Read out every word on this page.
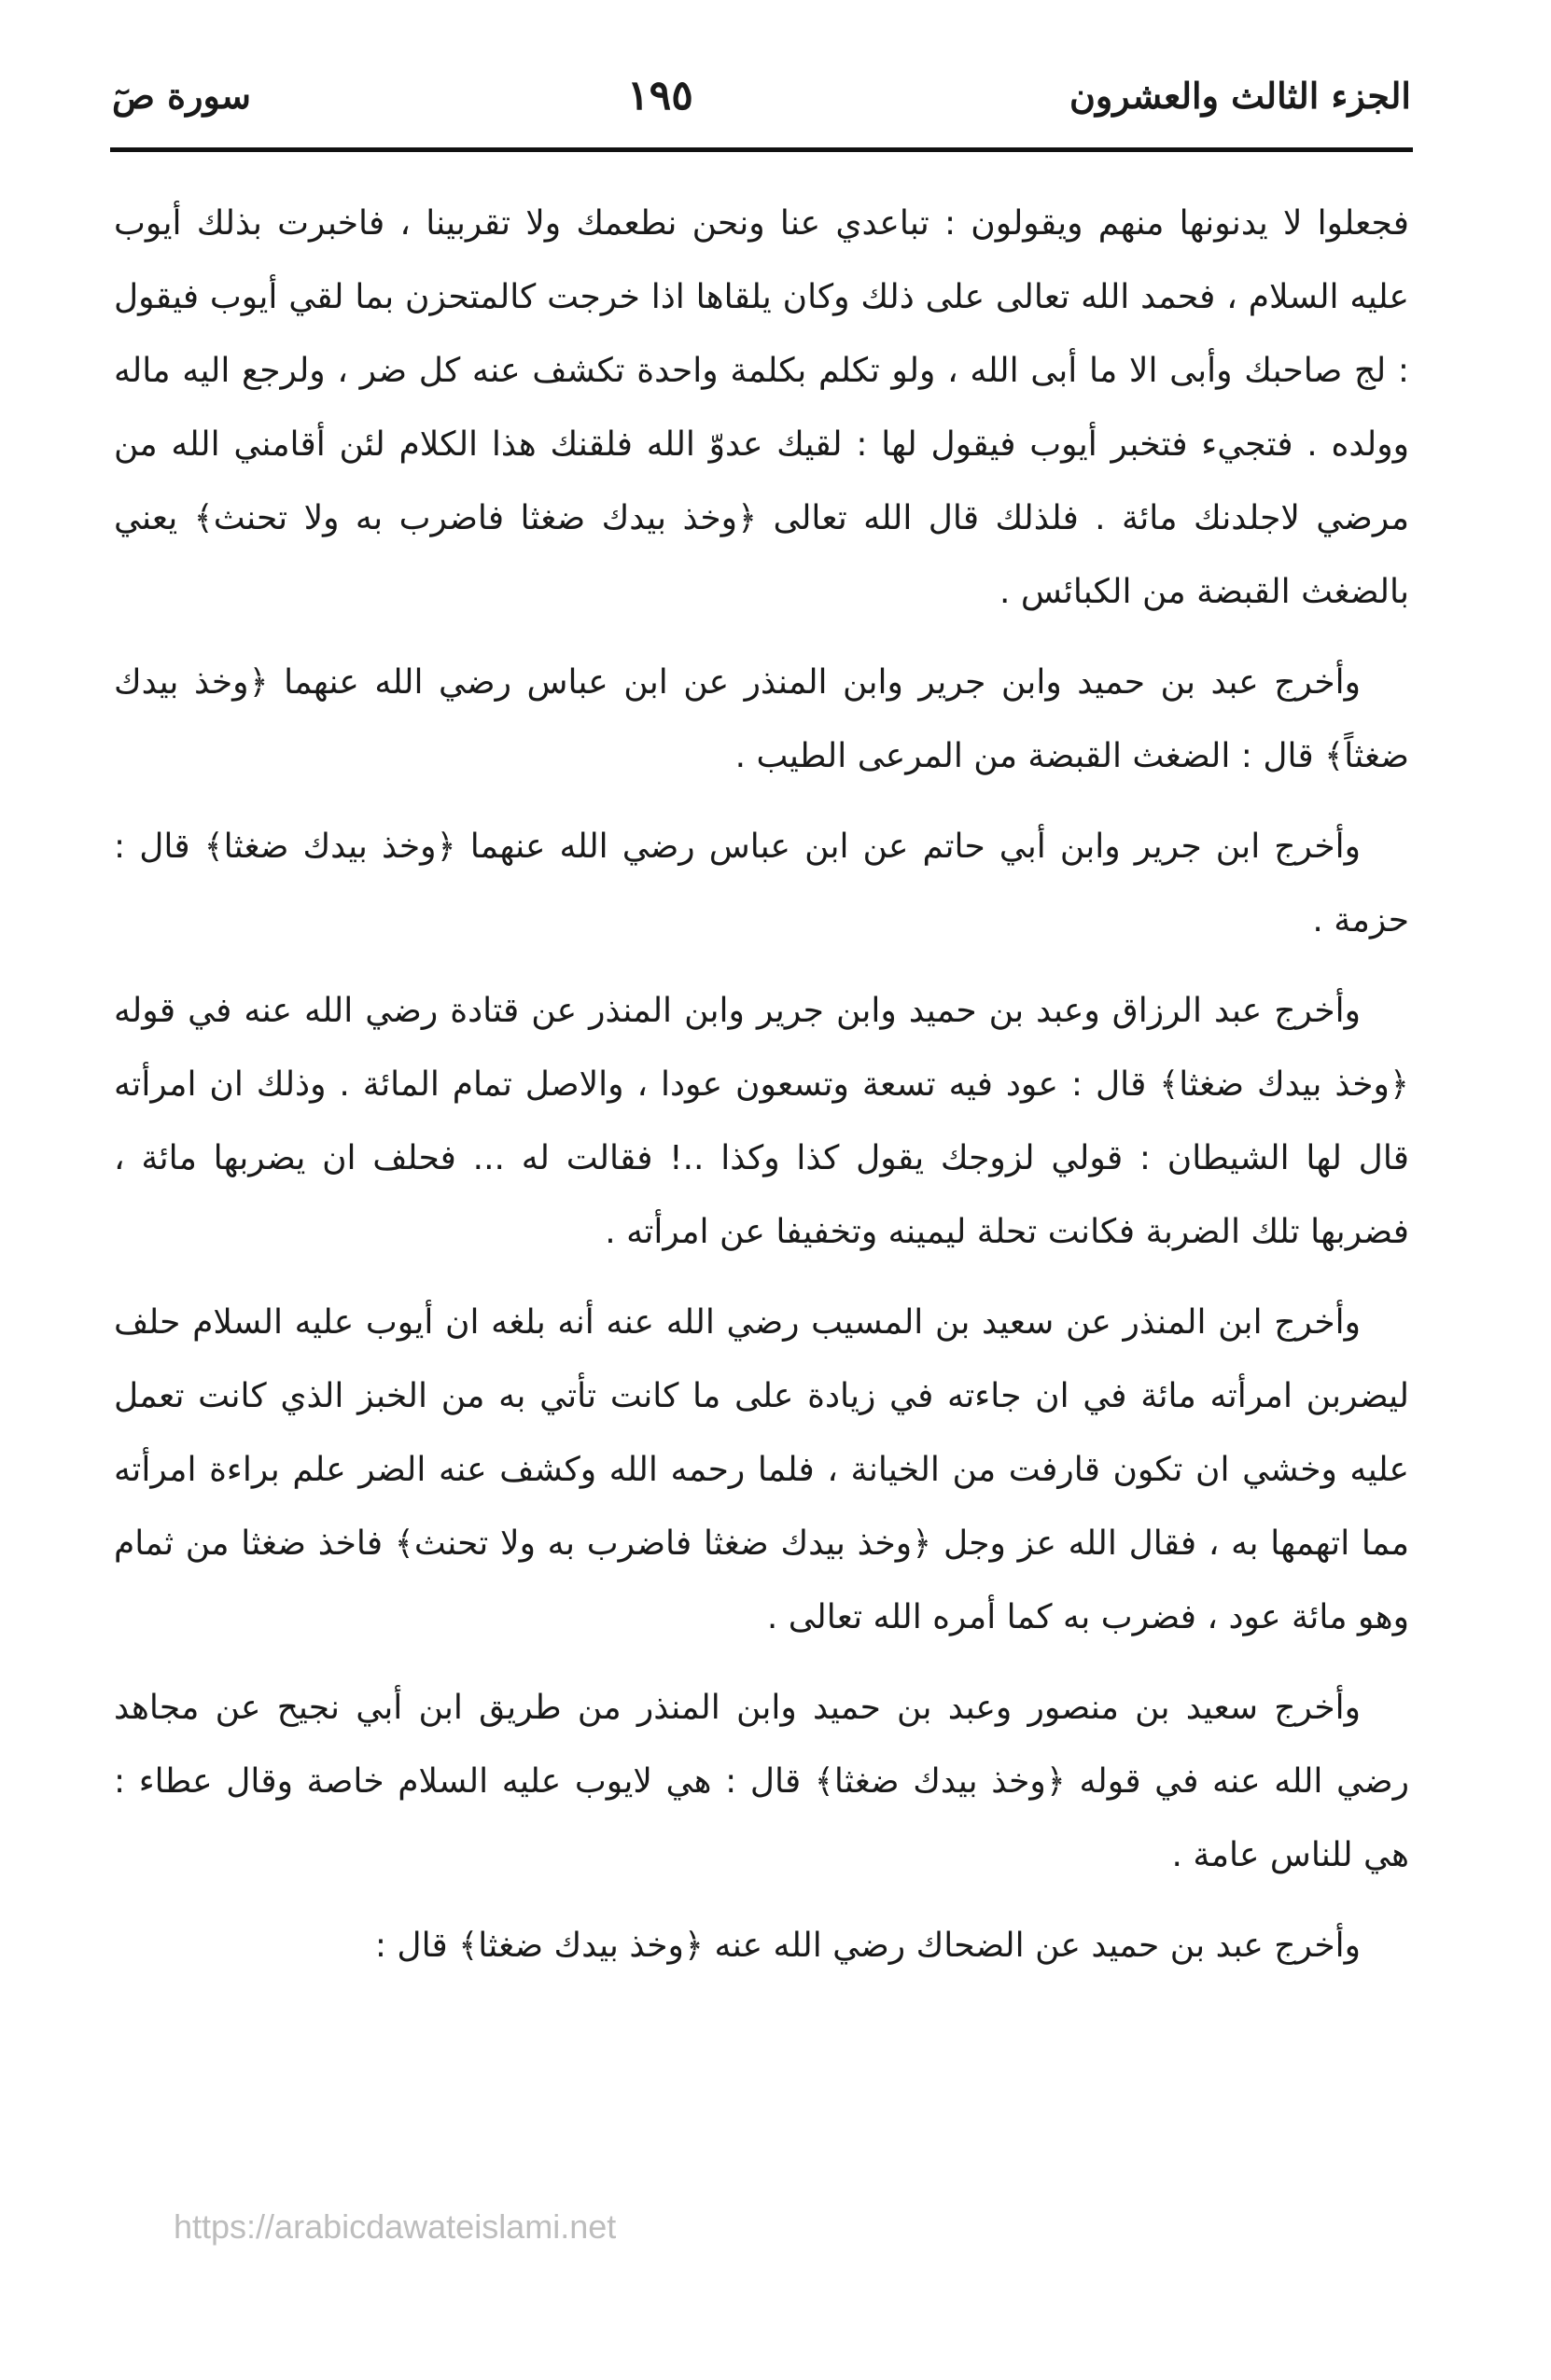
الجزء الثالث والعشرون
١٩٥
سورة صٓ

فجعلوا لا يدنونها منهم ويقولون : تباعدي عنا ونحن نطعمك ولا تقربينا ، فاخبرت بذلك أيوب عليه السلام ، فحمد الله تعالى على ذلك وكان يلقاها اذا خرجت كالمتحزن بما لقي أيوب فيقول : لج صاحبك وأبى الا ما أبى الله ، ولو تكلم بكلمة واحدة تكشف عنه كل ضر ، ولرجع اليه ماله وولده . فتجيء فتخبر أيوب فيقول لها : لقيك عدوّ الله فلقنك هذا الكلام لئن أقامني الله من مرضي لاجلدنك مائة . فلذلك قال الله تعالى ﴿وخذ بيدك ضغثا فاضرب به ولا تحنث﴾ يعني بالضغث القبضة من الكبائس .

وأخرج عبد بن حميد وابن جرير وابن المنذر عن ابن عباس رضي الله عنهما ﴿وخذ بيدك ضغثاً﴾ قال : الضغث القبضة من المرعى الطيب .

وأخرج ابن جرير وابن أبي حاتم عن ابن عباس رضي الله عنهما ﴿وخذ بيدك ضغثا﴾ قال : حزمة .

وأخرج عبد الرزاق وعبد بن حميد وابن جرير وابن المنذر عن قتادة رضي الله عنه في قوله ﴿وخذ بيدك ضغثا﴾ قال : عود فيه تسعة وتسعون عودا ، والاصل تمام المائة . وذلك ان امرأته قال لها الشيطان : قولي لزوجك يقول كذا وكذا ..! فقالت له ... فحلف ان يضربها مائة ، فضربها تلك الضربة فكانت تحلة ليمينه وتخفيفا عن امرأته .

وأخرج ابن المنذر عن سعيد بن المسيب رضي الله عنه أنه بلغه ان أيوب عليه السلام حلف ليضربن امرأته مائة في ان جاءته في زيادة على ما كانت تأتي به من الخبز الذي كانت تعمل عليه وخشي ان تكون قارفت من الخيانة ، فلما رحمه الله وكشف عنه الضر علم براءة امرأته مما اتهمها به ، فقال الله عز وجل ﴿وخذ بيدك ضغثا فاضرب به ولا تحنث﴾ فاخذ ضغثا من ثمام وهو مائة عود ، فضرب به كما أمره الله تعالى .

وأخرج سعيد بن منصور وعبد بن حميد وابن المنذر من طريق ابن أبي نجيح عن مجاهد رضي الله عنه في قوله ﴿وخذ بيدك ضغثا﴾ قال : هي لايوب عليه السلام خاصة وقال عطاء : هي للناس عامة .

وأخرج عبد بن حميد عن الضحاك رضي الله عنه ﴿وخذ بيدك ضغثا﴾ قال :

https://arabicdawateislami.net
